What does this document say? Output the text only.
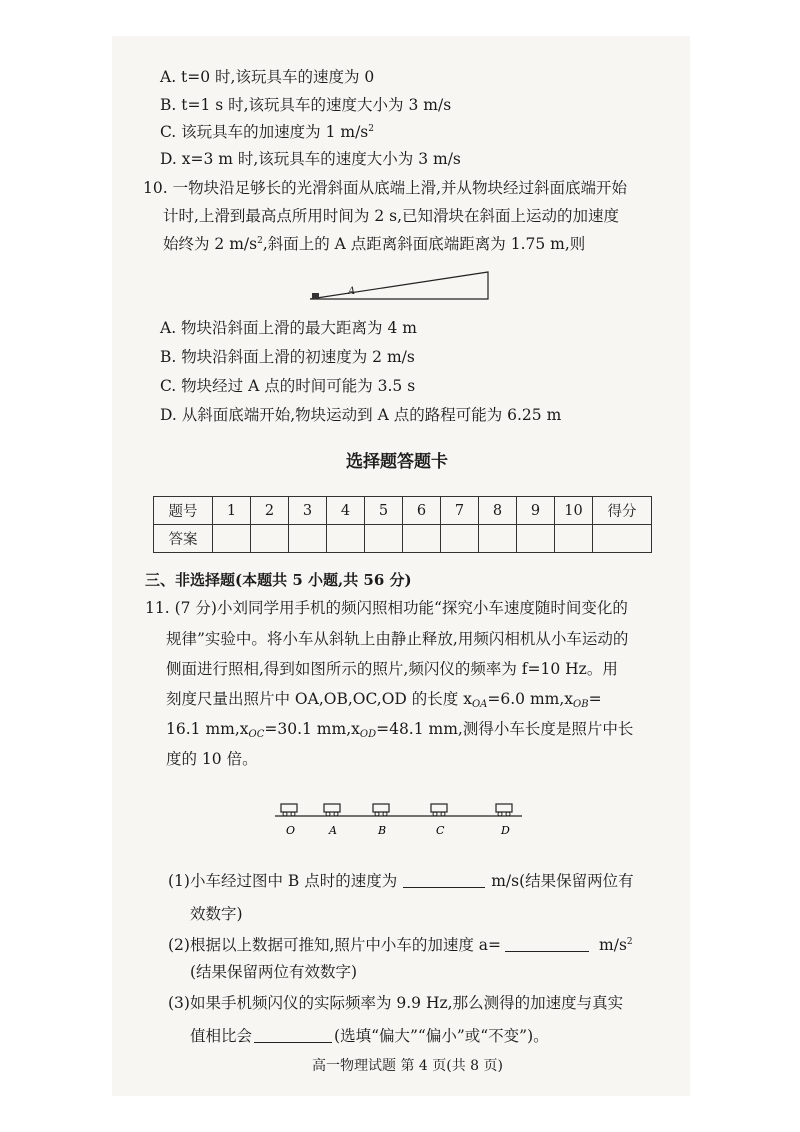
A. t=0 时,该玩具车的速度为 0
B. t=1 s 时,该玩具车的速度大小为 3 m/s
C. 该玩具车的加速度为 1 $m/s^2$
D. x=3 m 时,该玩具车的速度大小为 3 m/s
10. 一物块沿足够长的光滑斜面从底端上滑,并从物块经过斜面底端开始
计时,上滑到最高点所用时间为 2 s,已知滑块在斜面上运动的加速度
始终为 2 $m/s^2$,斜面上的 A 点距离斜面底端距离为 1.75 m,则
A
A. 物块沿斜面上滑的最大距离为 4 m
B. 物块沿斜面上滑的初速度为 2 m/s
C. 物块经过 A 点的时间可能为 3.5 s
D. 从斜面底端开始,物块运动到 A 点的路程可能为 6.25 m
选择题答题卡
题号	1	2	3	4	5	6	7	8	9	10	得分
答案											
三、非选择题(本题共 5 小题,共 56 分)
11. (7 分)小刘同学用手机的频闪照相功能“探究小车速度随时间变化的
规律”实验中。将小车从斜轨上由静止释放,用频闪相机从小车运动的
侧面进行照相,得到如图所示的照片,频闪仪的频率为 f=10 Hz。用
刻度尺量出照片中 OA,OB,OC,OD 的长度 $x_{OA}=6.0$ $mm,x_{OB}=$
16.1 $mm,x_{OC}=30.1$ $mm,x_{OD}=48.1$ mm,测得小车长度是照片中长
度的 10 倍。
O	A	B	C	D
(1)小车经过图中 B 点时的速度为	m/s(结果保留两位有
效数字)
(2)根据以上数据可推知,照片中小车的加速度 a=	$m/s^2$
(结果保留两位有效数字)
(3)如果手机频闪仪的实际频率为 9.9 Hz,那么测得的加速度与真实
值相比会	(选填“偏大”“偏小”或“不变”)。
高一物理试题 第 4 页(共 8 页)
